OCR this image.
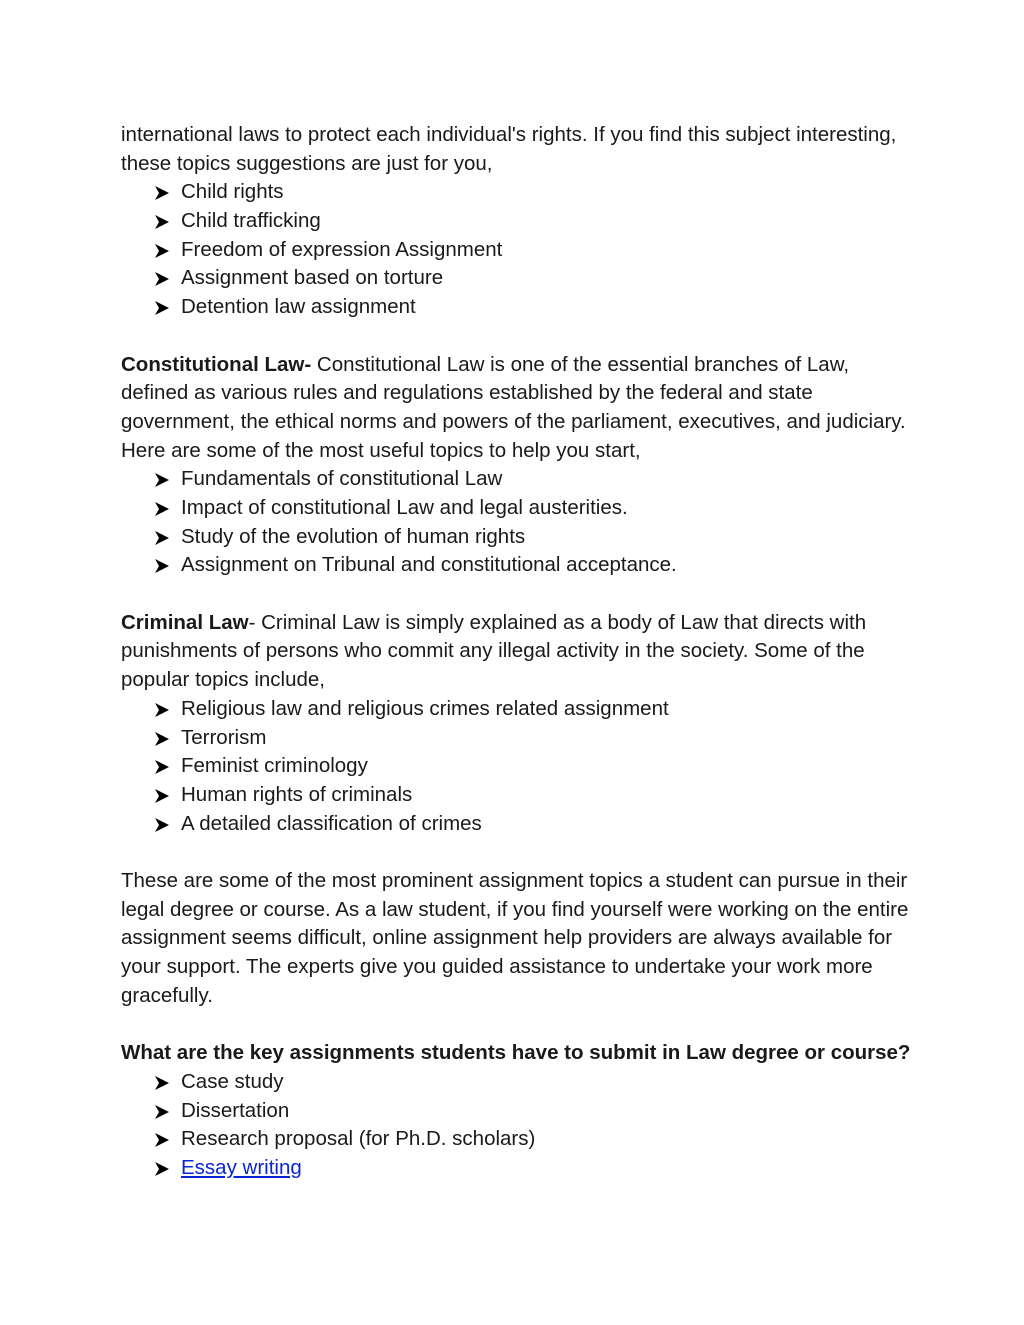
international laws to protect each individual's rights. If you find this subject interesting, these topics suggestions are just for you,

Child rights
Child trafficking
Freedom of expression Assignment
Assignment based on torture
Detention law assignment

Constitutional Law- Constitutional Law is one of the essential branches of Law, defined as various rules and regulations established by the federal and state government, the ethical norms and powers of the parliament, executives, and judiciary. Here are some of the most useful topics to help you start,

Fundamentals of constitutional Law
Impact of constitutional Law and legal austerities.
Study of the evolution of human rights
Assignment on Tribunal and constitutional acceptance.

Criminal Law- Criminal Law is simply explained as a body of Law that directs with punishments of persons who commit any illegal activity in the society. Some of the popular topics include,

Religious law and religious crimes related assignment
Terrorism
Feminist criminology
Human rights of criminals
A detailed classification of crimes

These are some of the most prominent assignment topics a student can pursue in their legal degree or course. As a law student, if you find yourself were working on the entire assignment seems difficult, online assignment help providers are always available for your support. The experts give you guided assistance to undertake your work more gracefully.

What are the key assignments students have to submit in Law degree or course?

Case study
Dissertation
Research proposal (for Ph.D. scholars)
Essay writing
